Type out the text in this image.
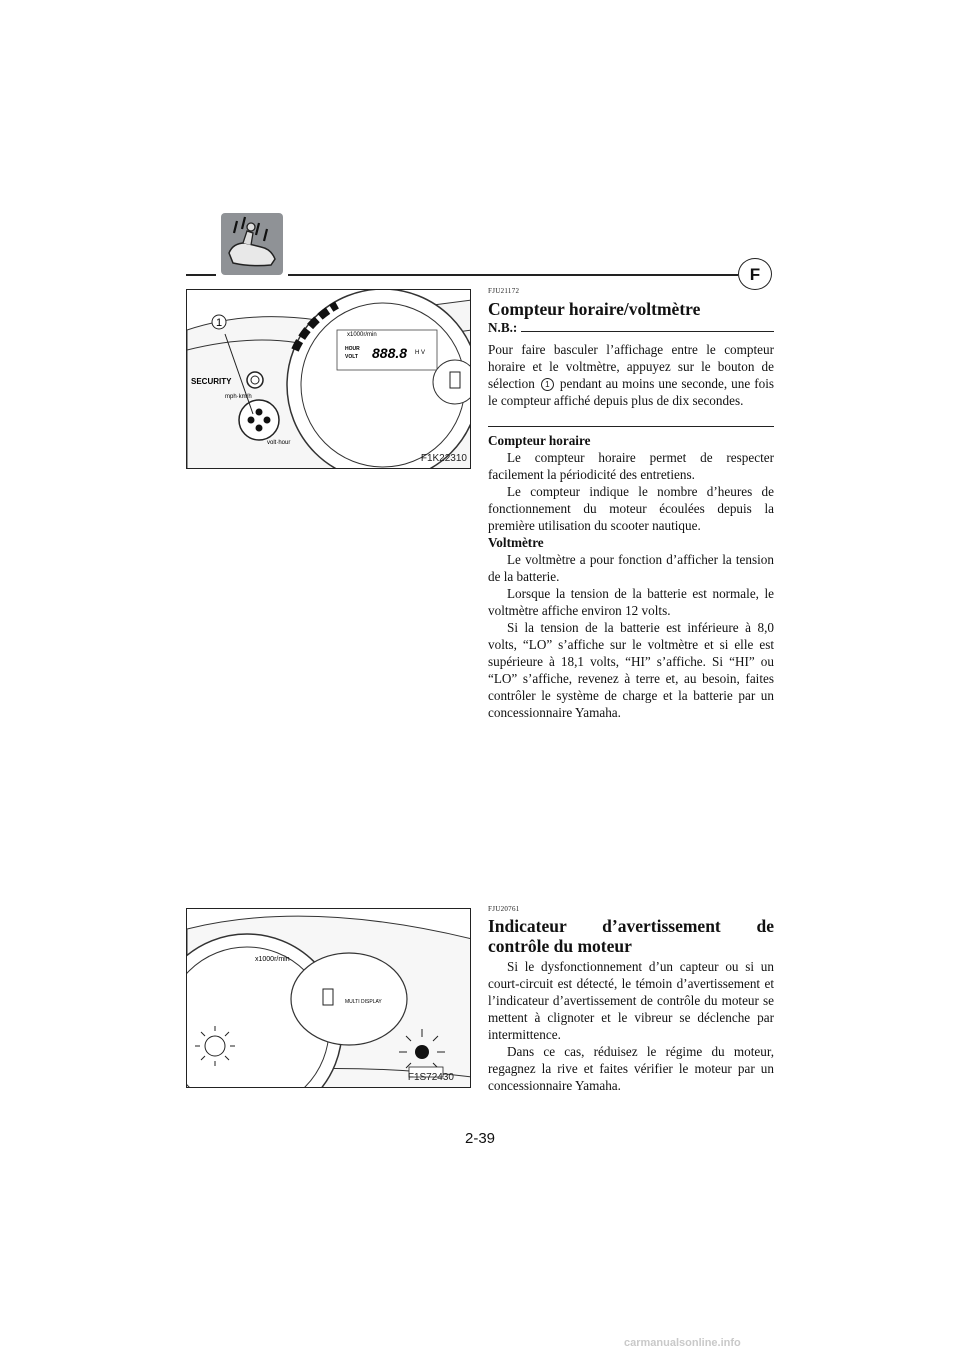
F
1
SECURITY
mph·km/h
volt·hour
x1000r/min
HOUR
VOLT 888.8 H V
F1K22310
FJU21172
Compteur horaire/voltmètre
N.B.:

Pour faire basculer l’affichage entre le compteur horaire et le voltmètre, appuyez sur le bouton de sélection 1 pendant au moins une seconde, une fois le compteur affiché depuis plus de dix secondes.

Compteur horaire

Le compteur horaire permet de respecter facilement la périodicité des entretiens.

Le compteur indique le nombre d’heures de fonctionnement du moteur écoulées depuis la première utilisation du scooter nautique.

Voltmètre

Le voltmètre a pour fonction d’afficher la tension de la batterie.

Lorsque la tension de la batterie est normale, le voltmètre affiche environ 12 volts.

Si la tension de la batterie est inférieure à 8,0 volts, “LO” s’affiche sur le voltmètre et si elle est supérieure à 18,1 volts, “HI” s’affiche. Si “HI” ou “LO” s’affiche, revenez à terre et, au besoin, faites contrôler le système de charge et la batterie par un concessionnaire Yamaha.

x1000r/min
MULTI DISPLAY
F1S72430
FJU20761
Indicateur d’avertissement de contrôle du moteur

Si le dysfonctionnement d’un capteur ou si un court-circuit est détecté, le témoin d’avertissement et l’indicateur d’avertissement de contrôle du moteur se mettent à clignoter et le vibreur se déclenche par intermittence.

Dans ce cas, réduisez le régime du moteur, regagnez la rive et faites vérifier le moteur par un concessionnaire Yamaha.

2-39
carmanualsonline.info
